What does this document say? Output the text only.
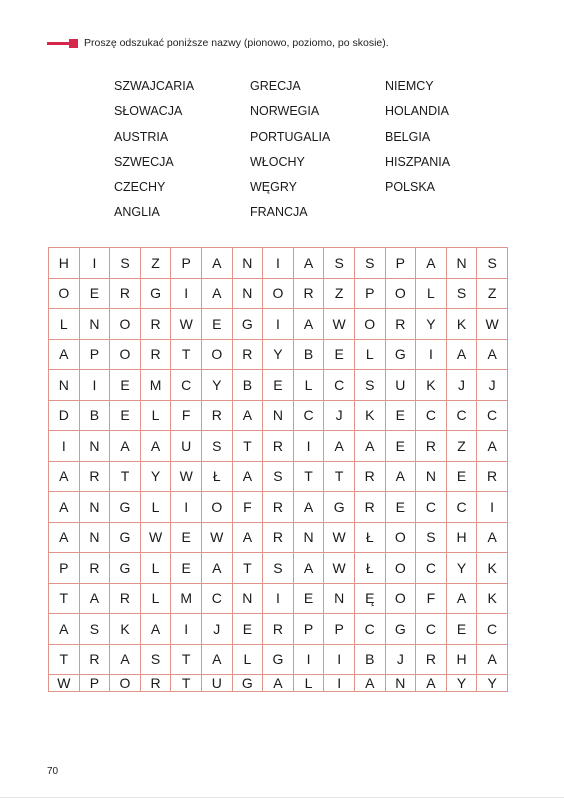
Proszę odszukać poniższe nazwy (pionowo, poziomo, po skosie).
SZWAJCARIA
SŁOWACJA
AUSTRIA
SZWECJA
CZECHY
ANGLIA
GRECJA
NORWEGIA
PORTUGALIA
WŁOCHY
WĘGRY
FRANCJA
NIEMCY
HOLANDIA
BELGIA
HISZPANIA
POLSKA
H	I	S	Z	P	A	N	I	A	S	S	P	A	N	S
O	E	R	G	I	A	N	O	R	Z	P	O	L	S	Z
L	N	O	R	W	E	G	I	A	W	O	R	Y	K	W
A	P	O	R	T	O	R	Y	B	E	L	G	I	A	A
N	I	E	M	C	Y	B	E	L	C	S	U	K	J	J
D	B	E	L	F	R	A	N	C	J	K	E	C	C	C
I	N	A	A	U	S	T	R	I	A	A	E	R	Z	A
A	R	T	Y	W	Ł	A	S	T	T	R	A	N	E	R
A	N	G	L	I	O	F	R	A	G	R	E	C	C	I
A	N	G	W	E	W	A	R	N	W	Ł	O	S	H	A
P	R	G	L	E	A	T	S	A	W	Ł	O	C	Y	K
T	A	R	L	M	C	N	I	E	N	Ę	O	F	A	K
A	S	K	A	I	J	E	R	P	P	C	G	C	E	C
T	R	A	S	T	A	L	G	I	I	B	J	R	H	A
W	P	O	R	T	U	G	A	L	I	A	N	A	Y	Y
70
